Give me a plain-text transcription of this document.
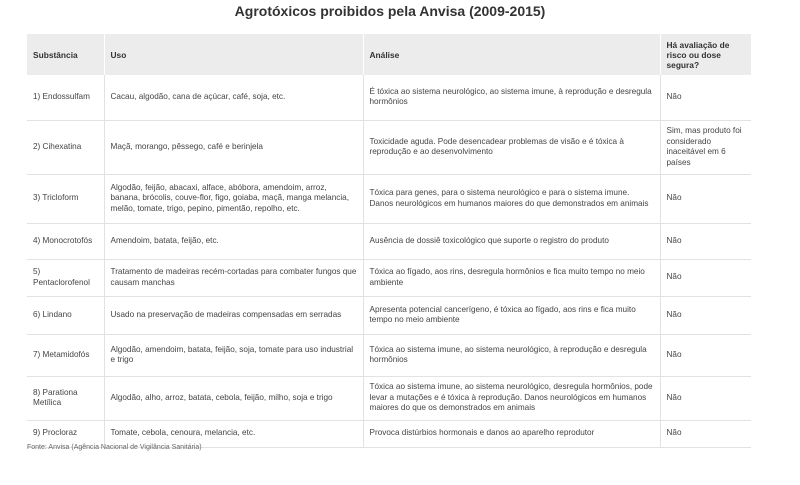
Agrotóxicos proibidos pela Anvisa (2009-2015)
Substância	Uso	Análise	Há avaliação de risco ou dose segura?
1) Endossulfam	Cacau, algodão, cana de açúcar, café, soja, etc.	É tóxica ao sistema neurológico, ao sistema imune, à reprodução e desregula hormônios	Não
2) Cihexatina	Maçã, morango, pêssego, café e berinjela	Toxicidade aguda. Pode desencadear problemas de visão e é tóxica à reprodução e ao desenvolvimento	Sim, mas produto foi considerado inaceitável em 6 países
3) Tricloform	Algodão, feijão, abacaxi, alface, abóbora, amendoim, arroz, banana, brócolis, couve-flor, figo, goiaba, maçã, manga melancia, melão, tomate, trigo, pepino, pimentão, repolho, etc.	Tóxica para genes, para o sistema neurológico e para o sistema imune. Danos neurológicos em humanos maiores do que demonstrados em animais	Não
4) Monocrotofós	Amendoim, batata, feijão, etc.	Ausência de dossiê toxicológico que suporte o registro do produto	Não
5) Pentaclorofenol	Tratamento de madeiras recém-cortadas para combater fungos que causam manchas	Tóxica ao fígado, aos rins, desregula hormônios e fica muito tempo no meio ambiente	Não
6) Lindano	Usado na preservação de madeiras compensadas em serradas	Apresenta potencial cancerígeno, é tóxica ao fígado, aos rins e fica muito tempo no meio ambiente	Não
7) Metamidofós	Algodão, amendoim, batata, feijão, soja, tomate para uso industrial e trigo	Tóxica ao sistema imune, ao sistema neurológico, à reprodução e desregula hormônios	Não
8) Parationa Metílica	Algodão, alho, arroz, batata, cebola, feijão, milho, soja e trigo	Tóxica ao sistema imune, ao sistema neurológico, desregula hormônios, pode levar a mutações e é tóxica à reprodução. Danos neurológicos em humanos maiores do que os demonstrados em animais	Não
9) Procloraz	Tomate, cebola, cenoura, melancia, etc.	Provoca distúrbios hormonais e danos ao aparelho reprodutor	Não
Fonte: Anvisa (Agência Nacional de Vigilância Sanitária)
